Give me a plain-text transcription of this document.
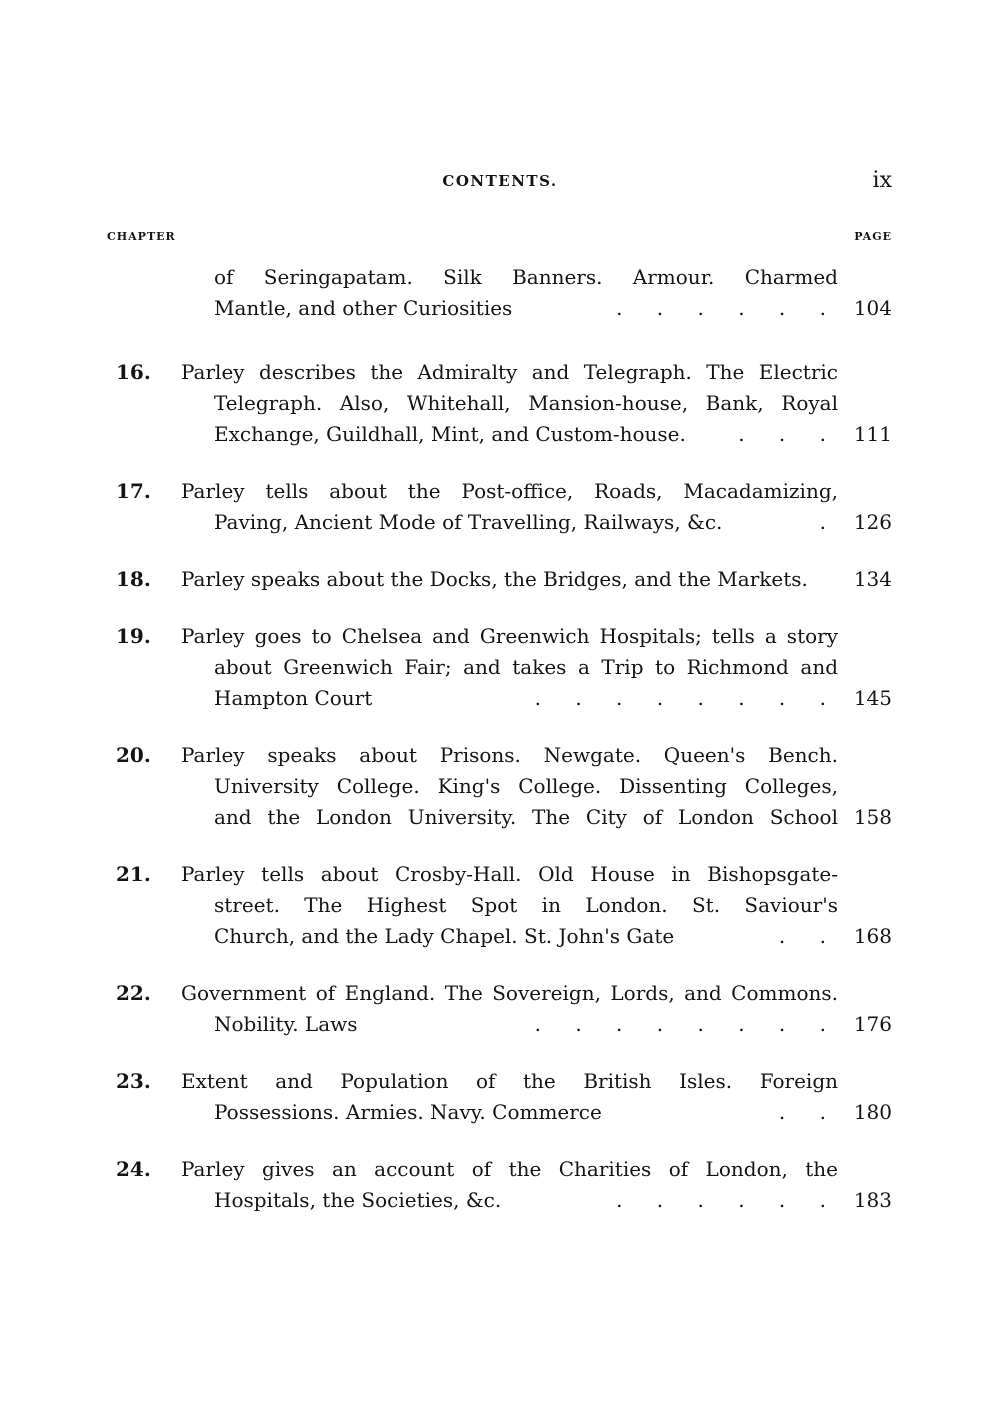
CONTENTS.	ix
CHAPTER	PAGE
of Seringapatam. Silk Banners. Armour. Charmed
Mantle, and other Curiosities	. . . . . . 104
16. Parley describes the Admiralty and Telegraph. The Electric
Telegraph. Also, Whitehall, Mansion-house, Bank, Royal
Exchange, Guildhall, Mint, and Custom-house.	. . . 111
17. Parley tells about the Post-office, Roads, Macadamizing,
Paving, Ancient Mode of Travelling, Railways, &c.	. 126
18. Parley speaks about the Docks, the Bridges, and the Markets.	134
19. Parley goes to Chelsea and Greenwich Hospitals; tells a story
about Greenwich Fair; and takes a Trip to Richmond and
Hampton Court	. . . . . . . . 145
20. Parley speaks about Prisons. Newgate. Queen's Bench.
University College. King's College. Dissenting Colleges,
and the London University. The City of London School 158
21. Parley tells about Crosby-Hall. Old House in Bishopsgate-
street. The Highest Spot in London. St. Saviour's
Church, and the Lady Chapel. St. John's Gate	. . 168
22. Government of England. The Sovereign, Lords, and Commons.
Nobility. Laws	. . . . . . . . 176
23. Extent and Population of the British Isles. Foreign
Possessions. Armies. Navy. Commerce	. . 180
24. Parley gives an account of the Charities of London, the
Hospitals, the Societies, &c.	. . . . . . 183
